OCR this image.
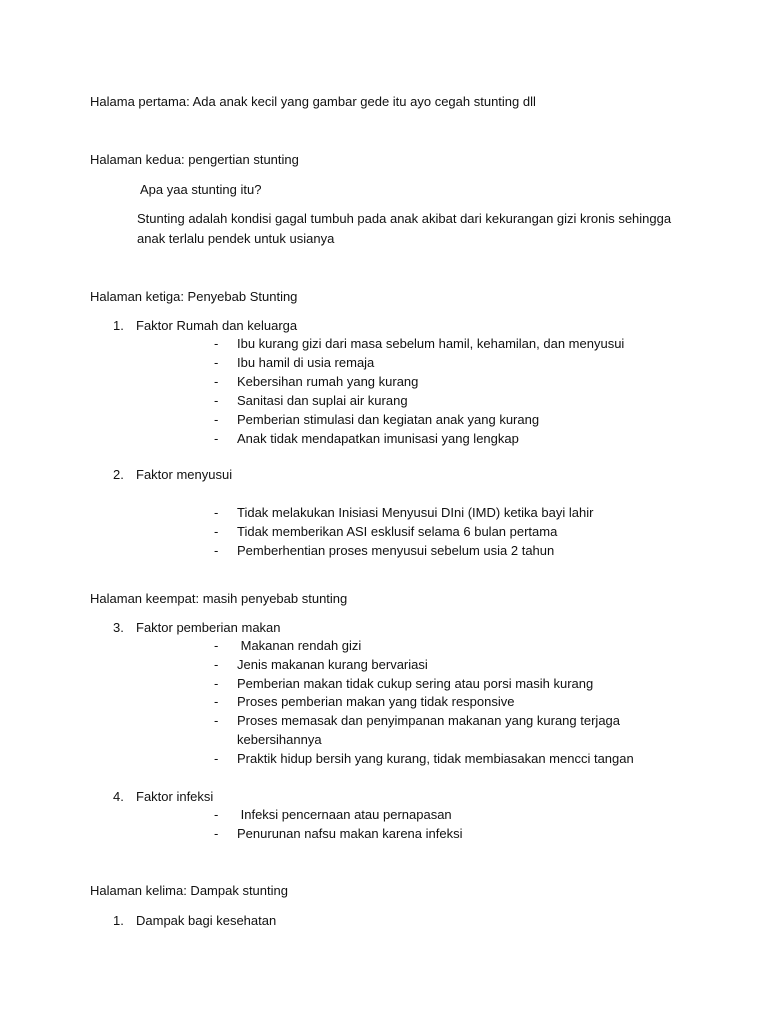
Halama pertama: Ada anak kecil yang gambar gede itu ayo cegah stunting dll
Halaman kedua: pengertian stunting
Apa yaa stunting itu?
Stunting adalah kondisi gagal tumbuh pada anak akibat dari kekurangan gizi kronis sehingga
anak terlalu pendek untuk usianya
Halaman ketiga: Penyebab Stunting
1. Faktor Rumah dan keluarga
- Ibu kurang gizi dari masa sebelum hamil, kehamilan, dan menyusui
- Ibu hamil di usia remaja
- Kebersihan rumah yang kurang
- Sanitasi dan suplai air kurang
- Pemberian stimulasi dan kegiatan anak yang kurang
- Anak tidak mendapatkan imunisasi yang lengkap
2. Faktor menyusui
- Tidak melakukan Inisiasi Menyusui DIni (IMD) ketika bayi lahir
- Tidak memberikan ASI esklusif selama 6 bulan pertama
- Pemberhentian proses menyusui sebelum usia 2 tahun
Halaman keempat: masih penyebab stunting
3. Faktor pemberian makan
- Makanan rendah gizi
- Jenis makanan kurang bervariasi
- Pemberian makan tidak cukup sering atau porsi masih kurang
- Proses pemberian makan yang tidak responsive
- Proses memasak dan penyimpanan makanan yang kurang terjaga
kebersihannya
- Praktik hidup bersih yang kurang, tidak membiasakan mencci tangan
4. Faktor infeksi
- Infeksi pencernaan atau pernapasan
- Penurunan nafsu makan karena infeksi
Halaman kelima: Dampak stunting
1. Dampak bagi kesehatan
